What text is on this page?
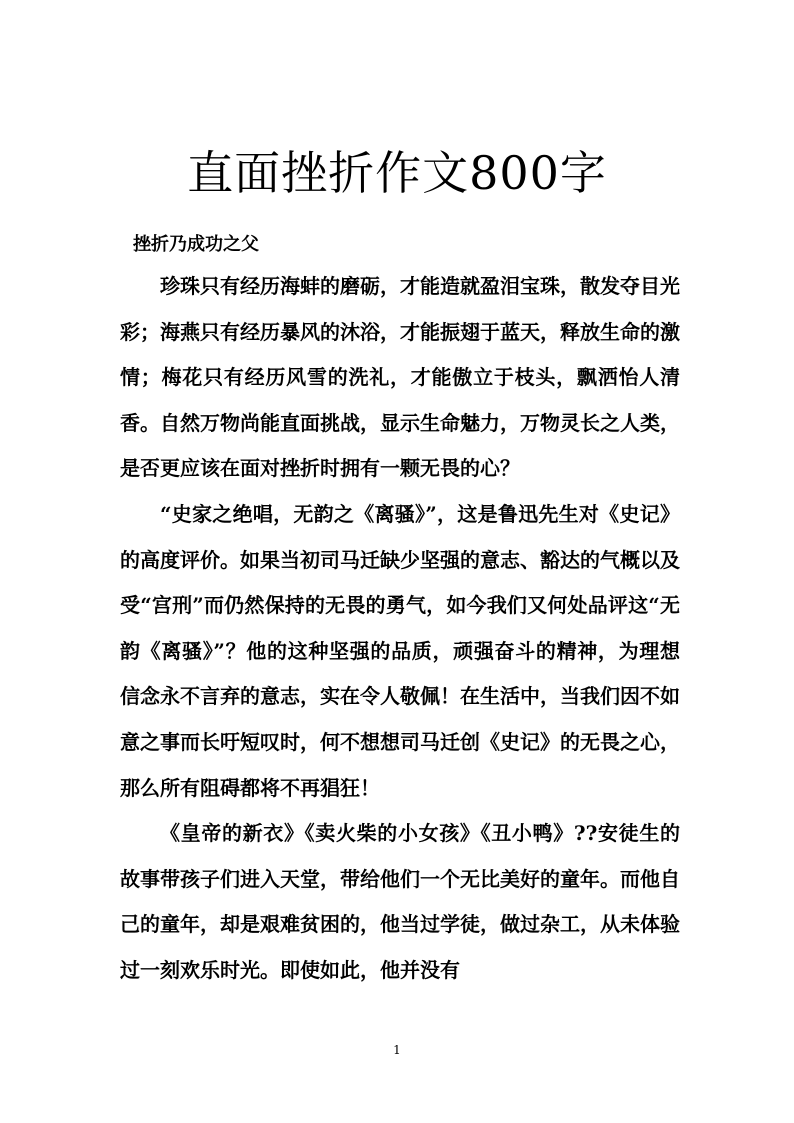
直面挫折作文800字

挫折乃成功之父

珍珠只有经历海蚌的磨砺，才能造就盈泪宝珠，散发夺目光彩；海燕只有经历暴风的沐浴，才能振翅于蓝天，释放生命的激情；梅花只有经历风雪的洗礼，才能傲立于枝头，飘洒怡人清香。自然万物尚能直面挑战，显示生命魅力，万物灵长之人类，是否更应该在面对挫折时拥有一颗无畏的心？

“史家之绝唱，无韵之《离骚》”，这是鲁迅先生对《史记》的高度评价。如果当初司马迁缺少坚强的意志、豁达的气概以及受“宫刑”而仍然保持的无畏的勇气，如今我们又何处品评这“无韵《离骚》”？他的这种坚强的品质，顽强奋斗的精神，为理想信念永不言弃的意志，实在令人敬佩！在生活中，当我们因不如意之事而长吁短叹时，何不想想司马迁创《史记》的无畏之心，那么所有阻碍都将不再猖狂！

《皇帝的新衣》《卖火柴的小女孩》《丑小鸭》??安徒生的故事带孩子们进入天堂，带给他们一个无比美好的童年。而他自己的童年，却是艰难贫困的，他当过学徒，做过杂工，从未体验过一刻欢乐时光。即使如此，他并没有

1
